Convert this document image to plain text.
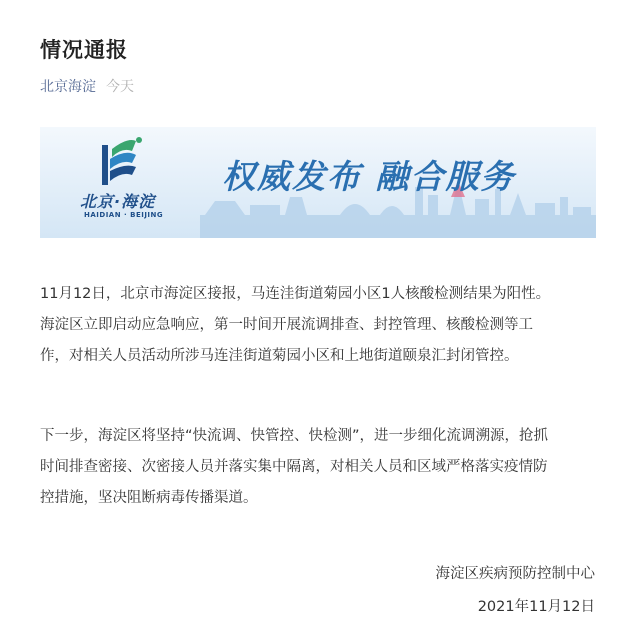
情况通报
北京海淀 今天
北京·海淀
HAIDIAN · BEIJING
权威发布 融合服务
11月12日，北京市海淀区接报，马连洼街道菊园小区1人核酸检测结果为阳性。
海淀区立即启动应急响应，第一时间开展流调排查、封控管理、核酸检测等工
作，对相关人员活动所涉马连洼街道菊园小区和上地街道颐泉汇封闭管控。
下一步，海淀区将坚持“快流调、快管控、快检测”，进一步细化流调溯源，抢抓
时间排查密接、次密接人员并落实集中隔离，对相关人员和区域严格落实疫情防
控措施，坚决阻断病毒传播渠道。
海淀区疾病预防控制中心
2021年11月12日
